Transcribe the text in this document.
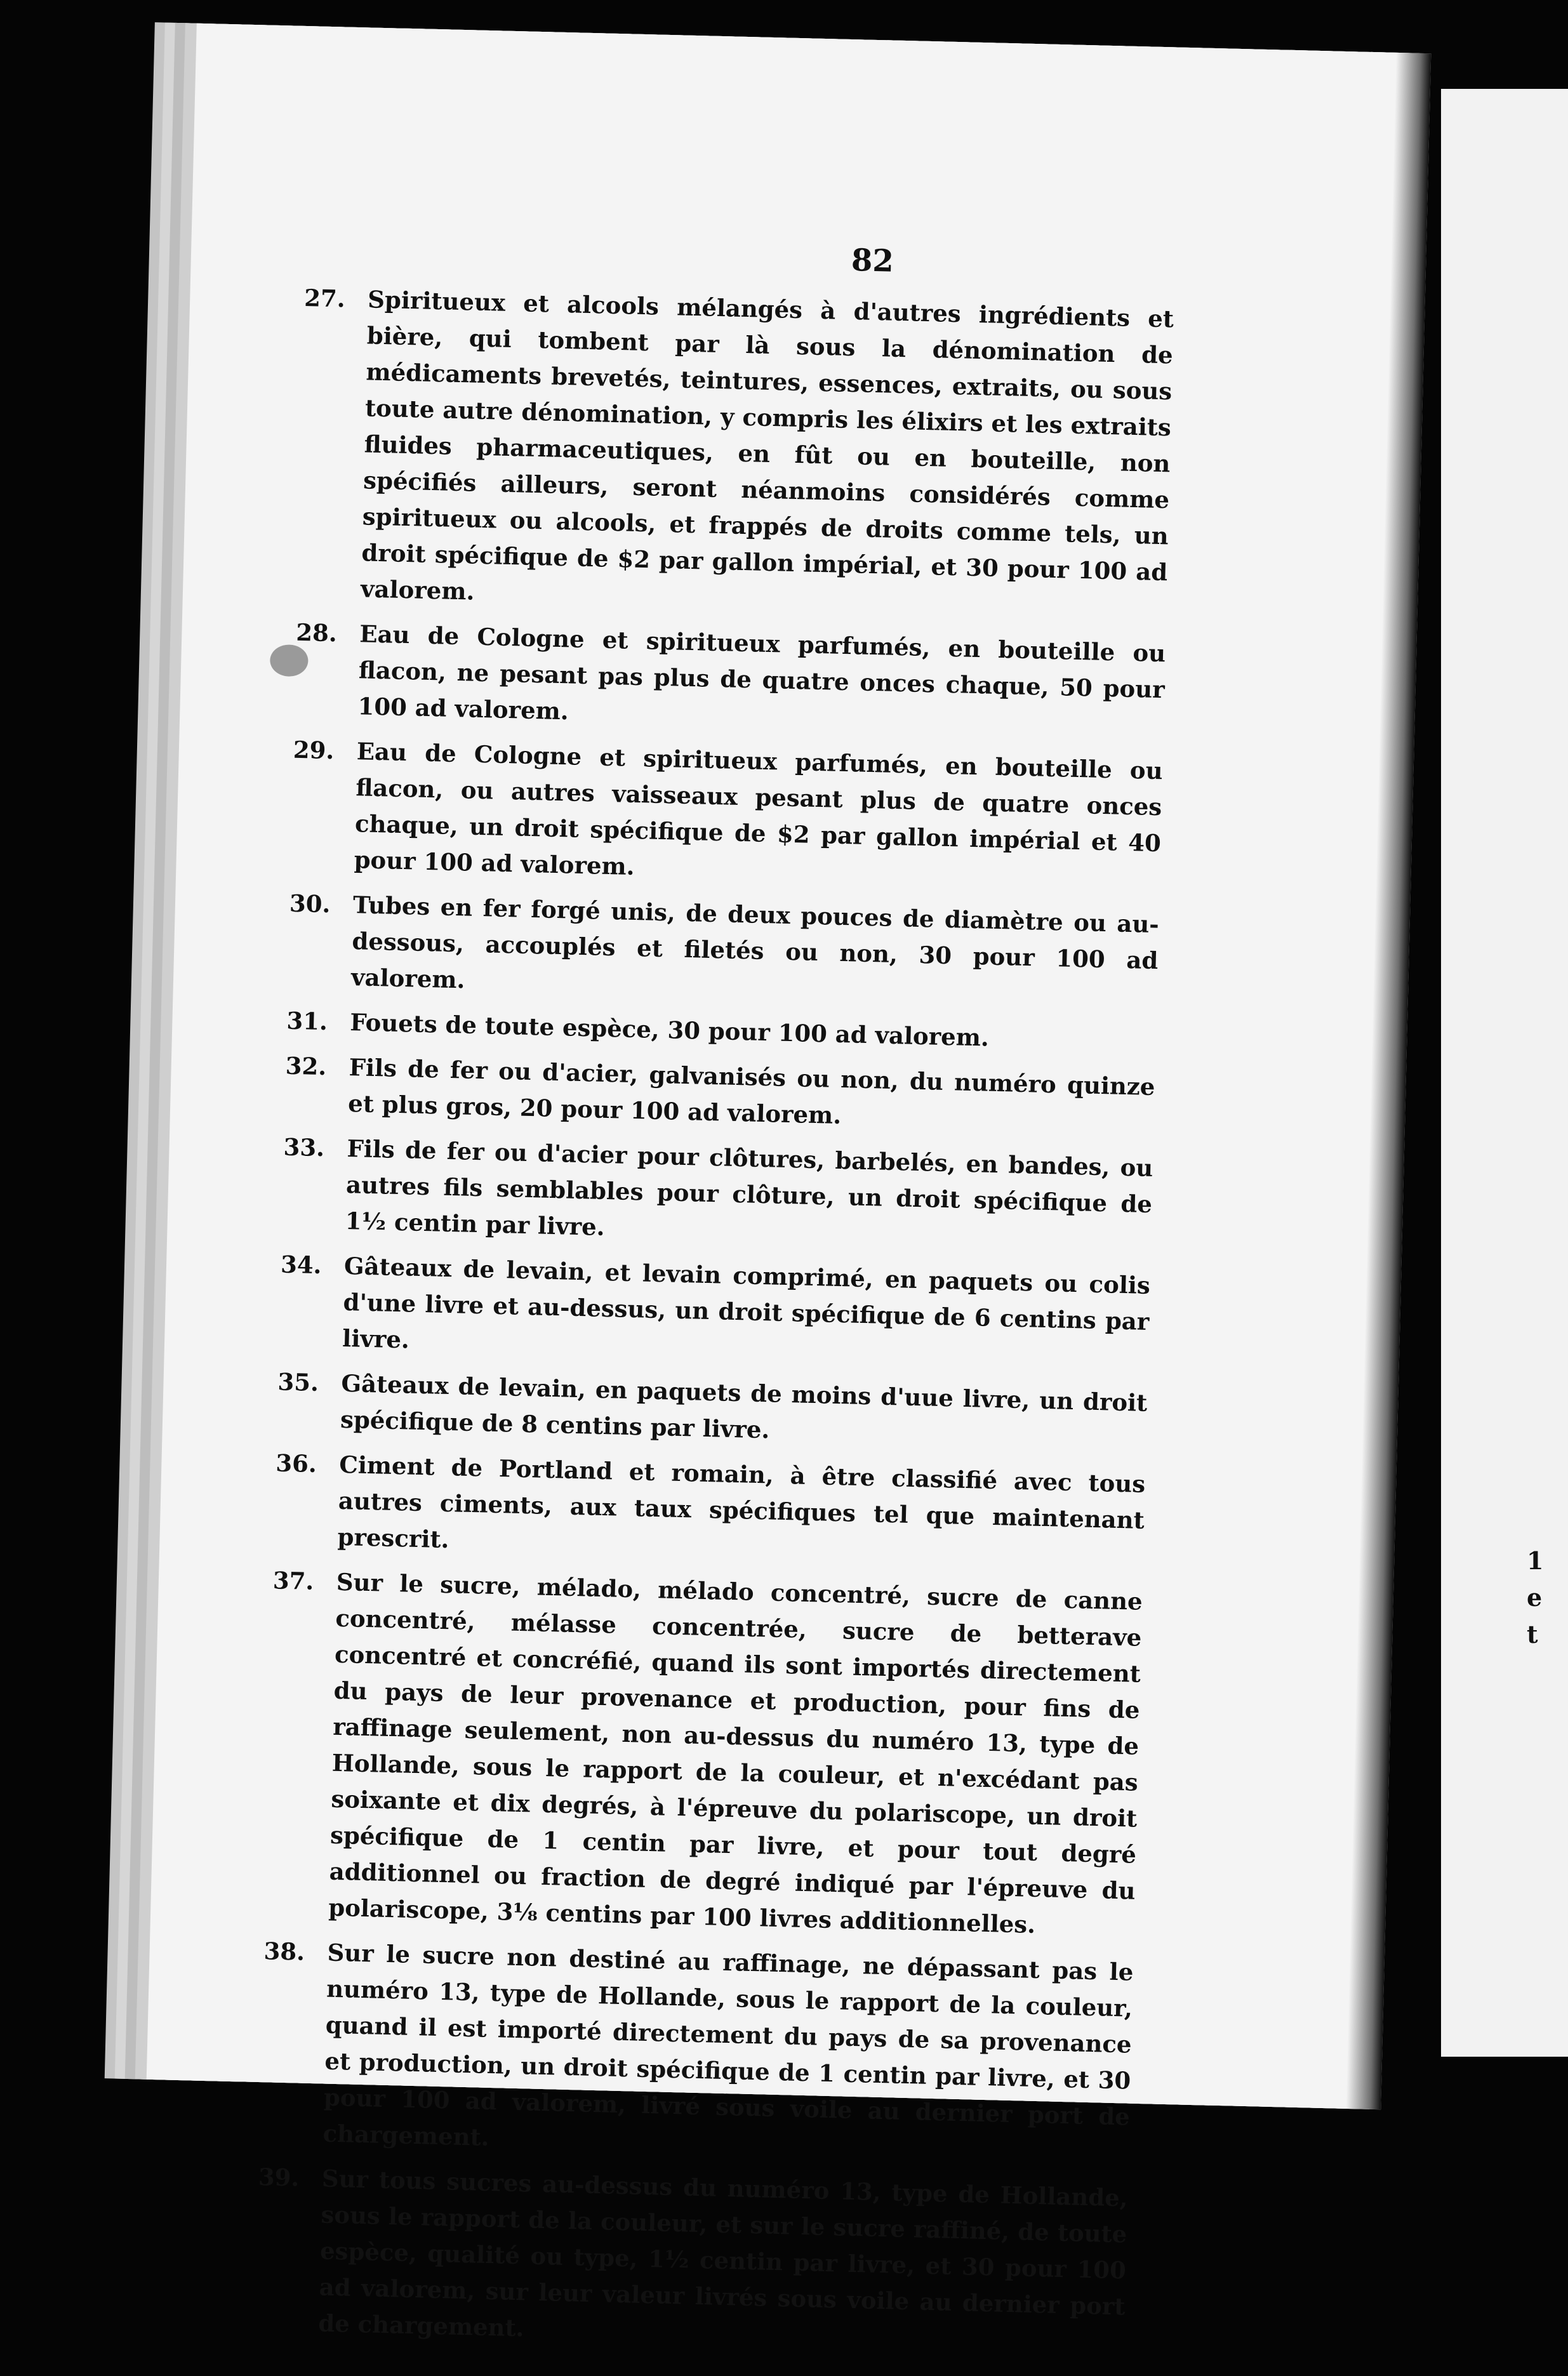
1
e
t
82
27. Spiritueux et alcools mélangés à d'autres ingrédients et bière, qui tombent par là sous la dénomination de médicaments brevetés, teintures, essences, extraits, ou sous toute autre dénomination, y compris les élixirs et les extraits fluides pharmaceutiques, en fût ou en bouteille, non spécifiés ailleurs, seront néanmoins considérés comme spiritueux ou alcools, et frappés de droits comme tels, un droit spécifique de $2 par gallon impérial, et 30 pour 100 ad valorem.
28. Eau de Cologne et spiritueux parfumés, en bouteille ou flacon, ne pesant pas plus de quatre onces chaque, 50 pour 100 ad valorem.
29. Eau de Cologne et spiritueux parfumés, en bouteille ou flacon, ou autres vaisseaux pesant plus de quatre onces chaque, un droit spécifique de $2 par gallon impérial et 40 pour 100 ad valorem.
30. Tubes en fer forgé unis, de deux pouces de diamètre ou au-dessous, accouplés et filetés ou non, 30 pour 100 ad valorem.
31. Fouets de toute espèce, 30 pour 100 ad valorem.
32. Fils de fer ou d'acier, galvanisés ou non, du numéro quinze et plus gros, 20 pour 100 ad valorem.
33. Fils de fer ou d'acier pour clôtures, barbelés, en bandes, ou autres fils semblables pour clôture, un droit spécifique de 1½ centin par livre.
34. Gâteaux de levain, et levain comprimé, en paquets ou colis d'une livre et au-dessus, un droit spécifique de 6 centins par livre.
35. Gâteaux de levain, en paquets de moins d'uue livre, un droit spécifique de 8 centins par livre.
36. Ciment de Portland et romain, à être classifié avec tous autres ciments, aux taux spécifiques tel que maintenant prescrit.
37. Sur le sucre, mélado, mélado concentré, sucre de canne concentré, mélasse concentrée, sucre de betterave concentré et concréfié, quand ils sont importés directement du pays de leur provenance et production, pour fins de raffinage seulement, non au-dessus du numéro 13, type de Hollande, sous le rapport de la couleur, et n'excédant pas soixante et dix degrés, à l'épreuve du polariscope, un droit spécifique de 1 centin par livre, et pour tout degré additionnel ou fraction de degré indiqué par l'épreuve du polariscope, 3⅛ centins par 100 livres additionnelles.
38. Sur le sucre non destiné au raffinage, ne dépassant pas le numéro 13, type de Hollande, sous le rapport de la couleur, quand il est importé directement du pays de sa provenance et production, un droit spécifique de 1 centin par livre, et 30 pour 100 ad valorem, livré sous voile au dernier port de chargement.
39. Sur tous sucres au-dessus du numéro 13, type de Hollande, sous le rapport de la couleur, et sur le sucre raffiné, de toute espèce, qualité ou type, 1½ centin par livre, et 30 pour 100 ad valorem, sur leur valeur livrés sous voile au dernier port de chargement.
